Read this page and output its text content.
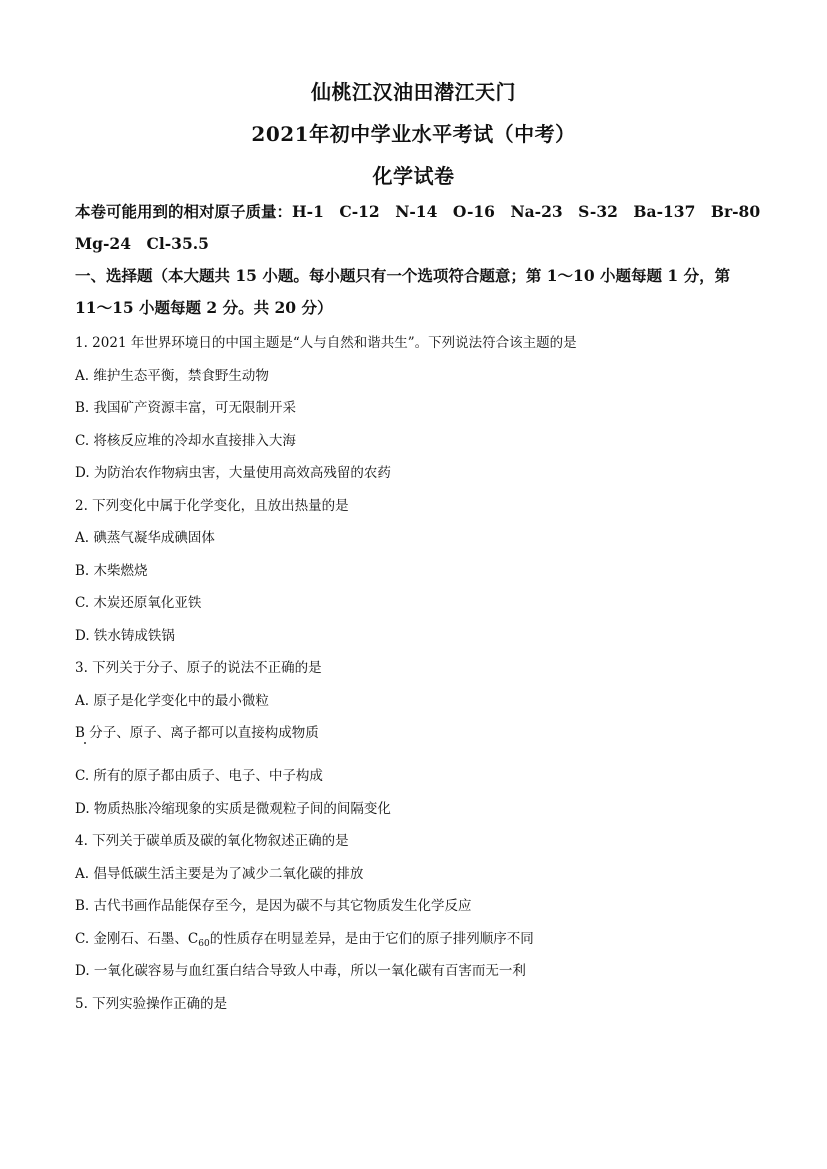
仙桃江汉油田潜江天门
2021年初中学业水平考试（中考）
化学试卷
本卷可能用到的相对原子质量：H-1　C-12　N-14　O-16　Na-23　S-32　Ba-137　Br-80
Mg-24　Cl-35.5
一、选择题（本大题共 15 小题。每小题只有一个选项符合题意；第 1～10 小题每题 1 分，第
11～15 小题每题 2 分。共 20 分）
1. 2021 年世界环境日的中国主题是“人与自然和谐共生”。下列说法符合该主题的是
A. 维护生态平衡，禁食野生动物
B. 我国矿产资源丰富，可无限制开采
C. 将核反应堆的冷却水直接排入大海
D. 为防治农作物病虫害，大量使用高效高残留的农药
2. 下列变化中属于化学变化，且放出热量的是
A. 碘蒸气凝华成碘固体
B. 木柴燃烧
C. 木炭还原氧化亚铁
D. 铁水铸成铁锅
3. 下列关于分子、原子的说法不正确的是
A. 原子是化学变化中的最小微粒
B 分子、原子、离子都可以直接构成物质
C. 所有的原子都由质子、电子、中子构成
D. 物质热胀冷缩现象的实质是微观粒子间的间隔变化
4. 下列关于碳单质及碳的氧化物叙述正确的是
A. 倡导低碳生活主要是为了减少二氧化碳的排放
B. 古代书画作品能保存至今，是因为碳不与其它物质发生化学反应
C. 金刚石、石墨、$C_{60}$的性质存在明显差异，是由于它们的原子排列顺序不同
D. 一氧化碳容易与血红蛋白结合导致人中毒，所以一氧化碳有百害而无一利
5. 下列实验操作正确的是
